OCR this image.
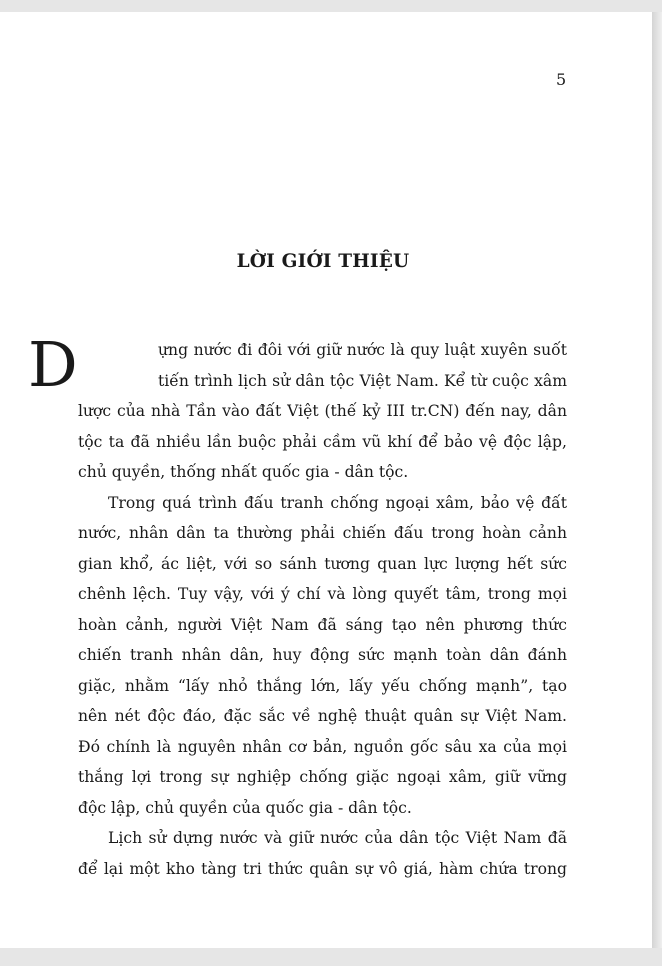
5
LỜI GIỚI THIỆU
D	ựng nước đi đôi với giữ nước là quy luật xuyên suốt
tiến trình lịch sử dân tộc Việt Nam. Kể từ cuộc xâm
lược của nhà Tần vào đất Việt (thế kỷ III tr.CN) đến nay, dân
tộc ta đã nhiều lần buộc phải cầm vũ khí để bảo vệ độc lập,
chủ quyền, thống nhất quốc gia - dân tộc.
Trong quá trình đấu tranh chống ngoại xâm, bảo vệ đất
nước, nhân dân ta thường phải chiến đấu trong hoàn cảnh
gian khổ, ác liệt, với so sánh tương quan lực lượng hết sức
chênh lệch. Tuy vậy, với ý chí và lòng quyết tâm, trong mọi
hoàn cảnh, người Việt Nam đã sáng tạo nên phương thức
chiến tranh nhân dân, huy động sức mạnh toàn dân đánh
giặc, nhằm “lấy nhỏ thắng lớn, lấy yếu chống mạnh”, tạo
nên nét độc đáo, đặc sắc về nghệ thuật quân sự Việt Nam.
Đó chính là nguyên nhân cơ bản, nguồn gốc sâu xa của mọi
thắng lợi trong sự nghiệp chống giặc ngoại xâm, giữ vững
độc lập, chủ quyền của quốc gia - dân tộc.
Lịch sử dựng nước và giữ nước của dân tộc Việt Nam đã
để lại một kho tàng tri thức quân sự vô giá, hàm chứa trong
